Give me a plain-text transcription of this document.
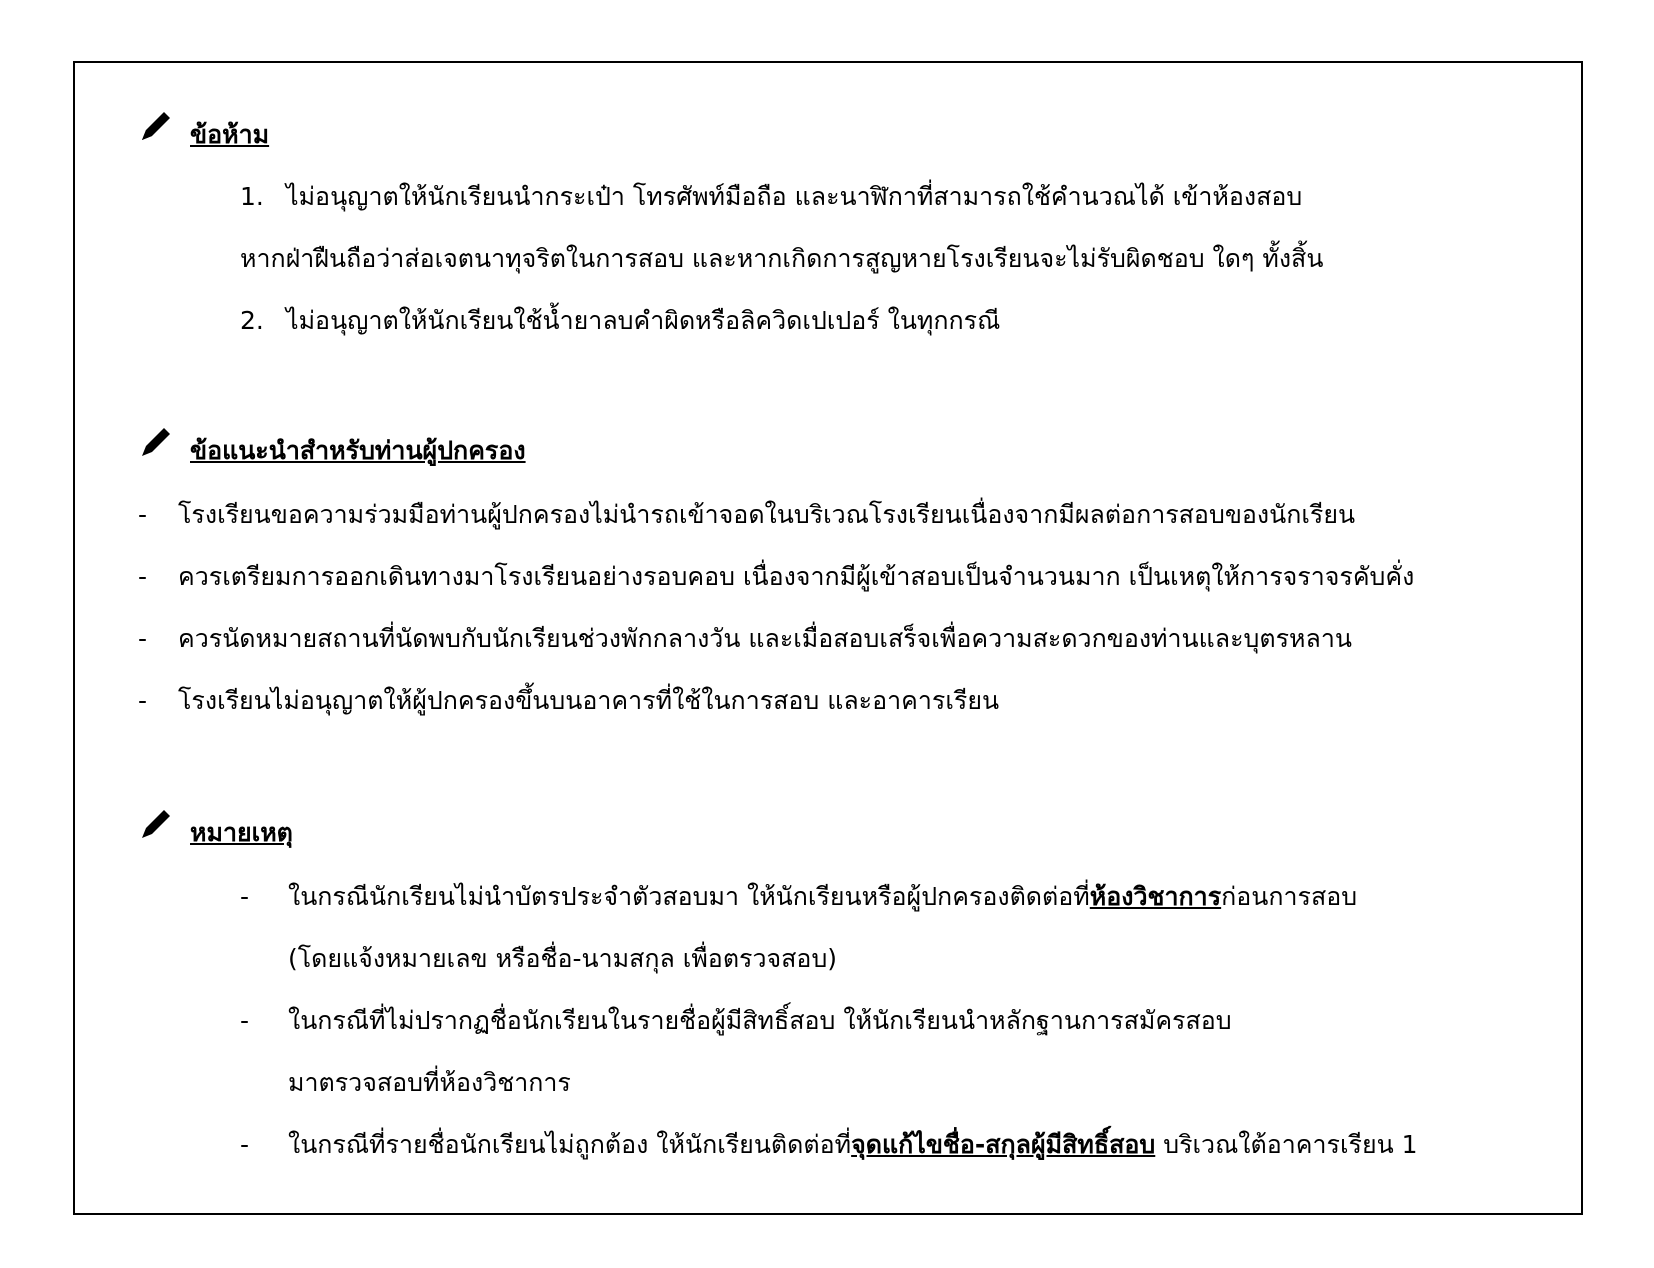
ข้อห้าม
1. ไม่อนุญาตให้นักเรียนนำกระเป๋า โทรศัพท์มือถือ และนาฬิกาที่สามารถใช้คำนวณได้ เข้าห้องสอบ
หากฝ่าฝืนถือว่าส่อเจตนาทุจริตในการสอบ และหากเกิดการสูญหายโรงเรียนจะไม่รับผิดชอบ ใดๆ ทั้งสิ้น
2. ไม่อนุญาตให้นักเรียนใช้น้ำยาลบคำผิดหรือลิควิดเปเปอร์ ในทุกกรณี
ข้อแนะนำสำหรับท่านผู้ปกครอง
- โรงเรียนขอความร่วมมือท่านผู้ปกครองไม่นำรถเข้าจอดในบริเวณโรงเรียนเนื่องจากมีผลต่อการสอบของนักเรียน
- ควรเตรียมการออกเดินทางมาโรงเรียนอย่างรอบคอบ เนื่องจากมีผู้เข้าสอบเป็นจำนวนมาก เป็นเหตุให้การจราจรคับคั่ง
- ควรนัดหมายสถานที่นัดพบกับนักเรียนช่วงพักกลางวัน และเมื่อสอบเสร็จเพื่อความสะดวกของท่านและบุตรหลาน
- โรงเรียนไม่อนุญาตให้ผู้ปกครองขึ้นบนอาคารที่ใช้ในการสอบ และอาคารเรียน
หมายเหตุ
- ในกรณีนักเรียนไม่นำบัตรประจำตัวสอบมา ให้นักเรียนหรือผู้ปกครองติดต่อที่ห้องวิชาการก่อนการสอบ
(โดยแจ้งหมายเลข หรือชื่อ-นามสกุล เพื่อตรวจสอบ)
- ในกรณีที่ไม่ปรากฏชื่อนักเรียนในรายชื่อผู้มีสิทธิ์สอบ ให้นักเรียนนำหลักฐานการสมัครสอบ
มาตรวจสอบที่ห้องวิชาการ
- ในกรณีที่รายชื่อนักเรียนไม่ถูกต้อง ให้นักเรียนติดต่อที่จุดแก้ไขชื่อ-สกุลผู้มีสิทธิ์สอบ บริเวณใต้อาคารเรียน 1
